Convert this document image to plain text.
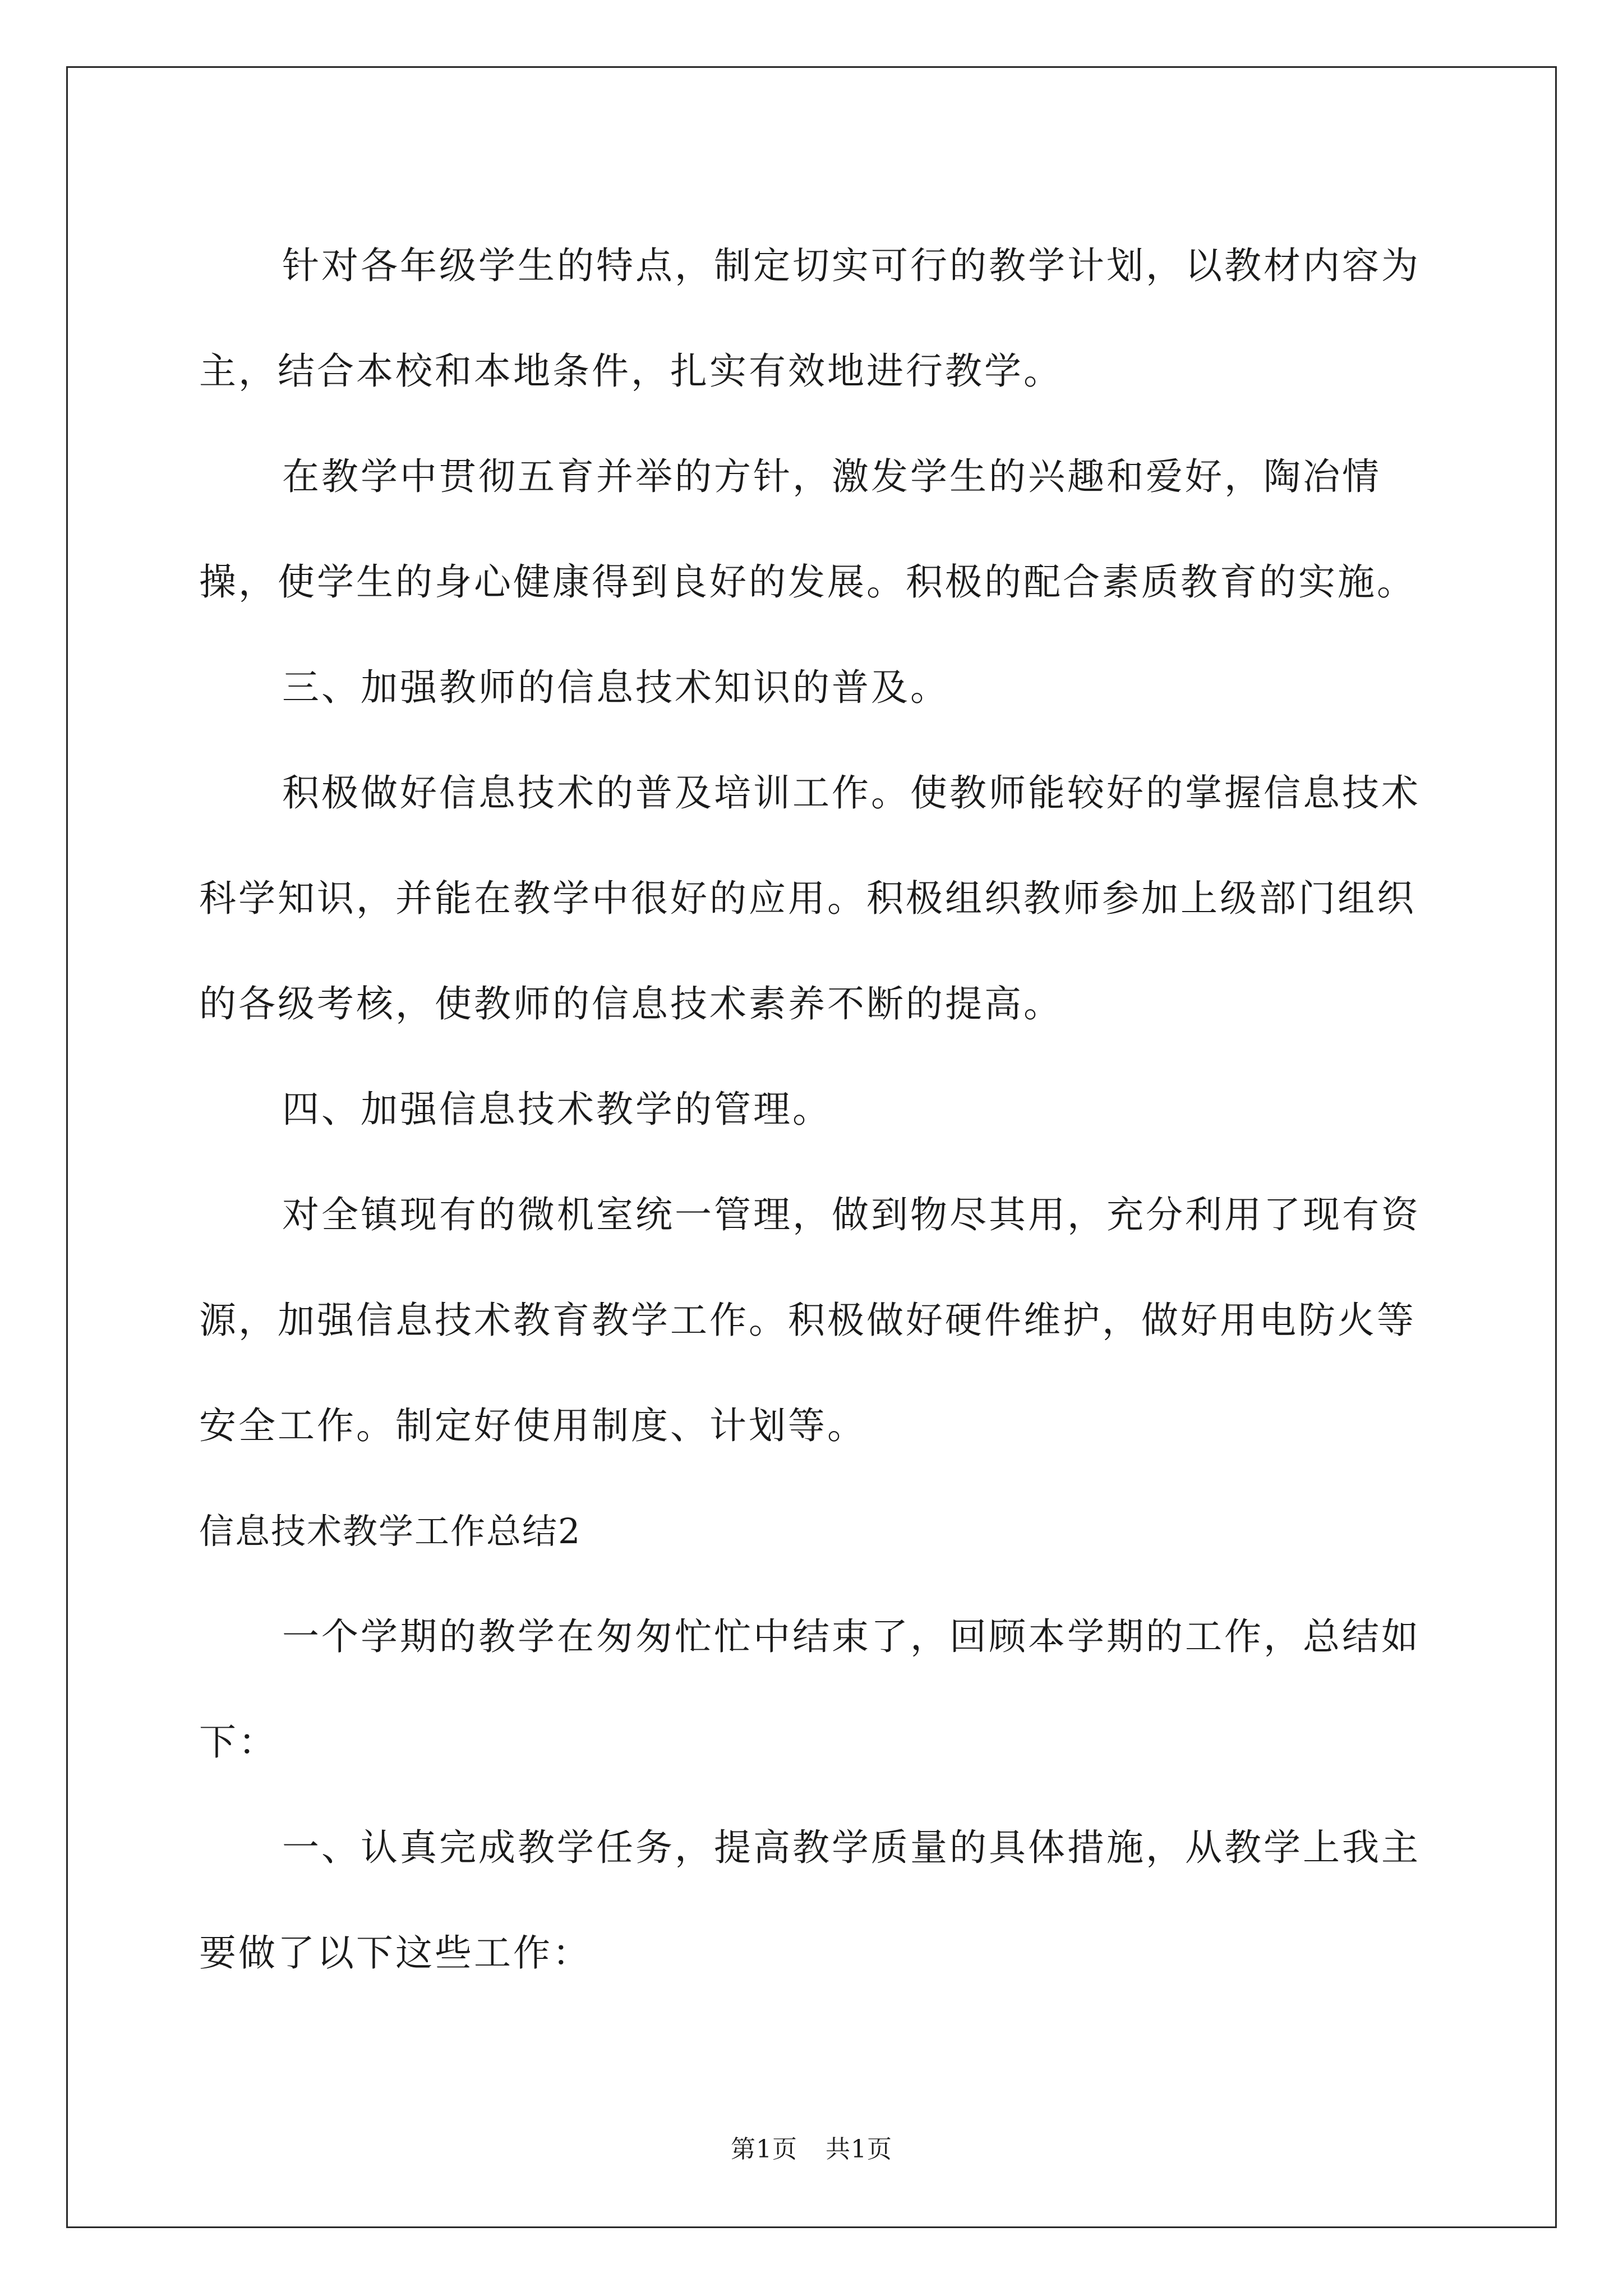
针对各年级学生的特点，制定切实可行的教学计划，以教材内容为主，结合本校和本地条件，扎实有效地进行教学。

在教学中贯彻五育并举的方针，激发学生的兴趣和爱好，陶冶情操，使学生的身心健康得到良好的发展。积极的配合素质教育的实施。

三、加强教师的信息技术知识的普及。

积极做好信息技术的普及培训工作。使教师能较好的掌握信息技术科学知识，并能在教学中很好的应用。积极组织教师参加上级部门组织的各级考核，使教师的信息技术素养不断的提高。

四、加强信息技术教学的管理。

对全镇现有的微机室统一管理，做到物尽其用，充分利用了现有资源，加强信息技术教育教学工作。积极做好硬件维护，做好用电防火等安全工作。制定好使用制度、计划等。

信息技术教学工作总结2

一个学期的教学在匆匆忙忙中结束了，回顾本学期的工作，总结如下：

一、认真完成教学任务，提高教学质量的具体措施，从教学上我主要做了以下这些工作：

第1页 共1页
